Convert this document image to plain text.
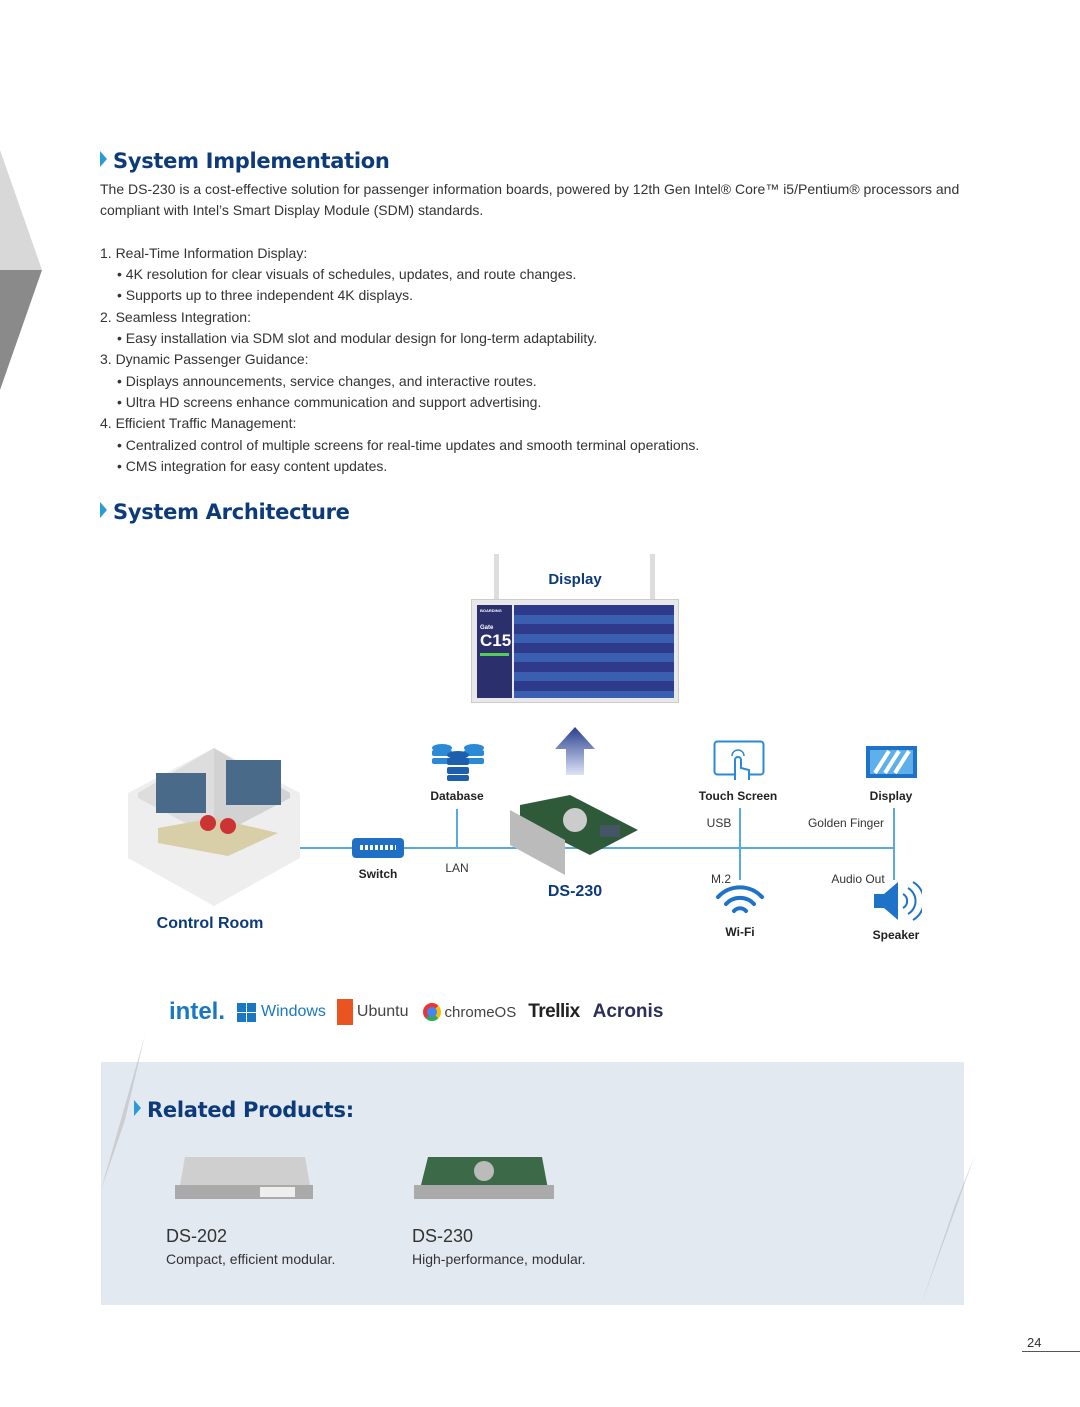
System Implementation
The DS-230 is a cost-effective solution for passenger information boards, powered by 12th Gen Intel® Core™ i5/Pentium® processors and
compliant with Intel’s Smart Display Module (SDM) standards.
1. Real-Time Information Display:
• 4K resolution for clear visuals of schedules, updates, and route changes.
• Supports up to three independent 4K displays.
2. Seamless Integration:
• Easy installation via SDM slot and modular design for long-term adaptability.
3. Dynamic Passenger Guidance:
• Displays announcements, service changes, and interactive routes.
• Ultra HD screens enhance communication and support advertising.
4. Efficient Traffic Management:
• Centralized control of multiple screens for real-time updates and smooth terminal operations.
• CMS integration for easy content updates.
System Architecture
Display
BOARDING
Gate
C15
Control Room
Switch	LAN
Database
DS-230
Touch Screen
USB
Display
Golden Finger
M.2
Wi-Fi
Audio Out
Speaker
intel. Windows Ubuntu chromeOS Trellix Acronis
Related Products:
DS-202
Compact, efficient modular.
DS-230
High-performance, modular.
24
